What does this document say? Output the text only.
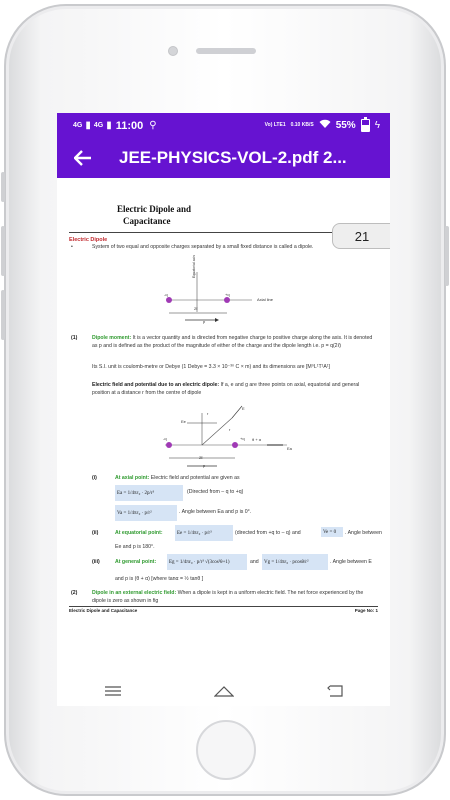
4G ▮ 4G ▮ 11:00 ⚲	Vo) LTE1 0.10 KB/S 55% ϟ
JEE-PHYSICS-VOL-2.pdf 2...
Electric Dipole and
Capacitance
Electric Dipole
•	System of two equal and opposite charges separated by a small fixed distance is called a dipole.
Equatorial axis
-q	+q
Axial line
2ℓ
p
(1)	Dipole moment: It is a vector quantity and is directed from negative charge to positive charge along the axis. It is denoted as p and is defined as the product of the magnitude of either of the charge and the dipole length i.e. p = q(2ℓ)
Its S.I. unit is coulomb-metre or Debye (1 Debye = 3.3 × 10⁻³⁰ C × m) and its dimensions are [M⁰L¹T¹A¹]
Electric field and potential due to an electric dipole: If a, e and g are three points on axial, equatorial and general position at a distance r from the centre of dipole
Ee
E
r
r
θ + α
-q	+q
Ea
2ℓ
p
(i)	At axial point: Electric field and potential are given as
Ea = 1/4πε₀ · 2p/r³	(Directed from – q to +q)
Va = 1/4πε₀ · p/r²	. Angle between Ea and p is 0°.
(ii)	At equatorial point:	Ee = 1/4πε₀ · p/r³	(directed from +q to – q) and	Ve = 0	. Angle between
Ee and p is 180°.
(iii)	At general point:	Eg = 1/4πε₀ · p/r³ √(3cos²θ+1)	and	Vg = 1/4πε₀ · pcosθ/r²	. Angle between E
and p is (θ + α) [where tanα = ½ tanθ ]
(2)	Dipole in an external electric field: When a dipole is kept in a uniform electric field. The net force experienced by the dipole is zero as shown in fig
Electric Dipole and Capacitance	Page No: 1
21
